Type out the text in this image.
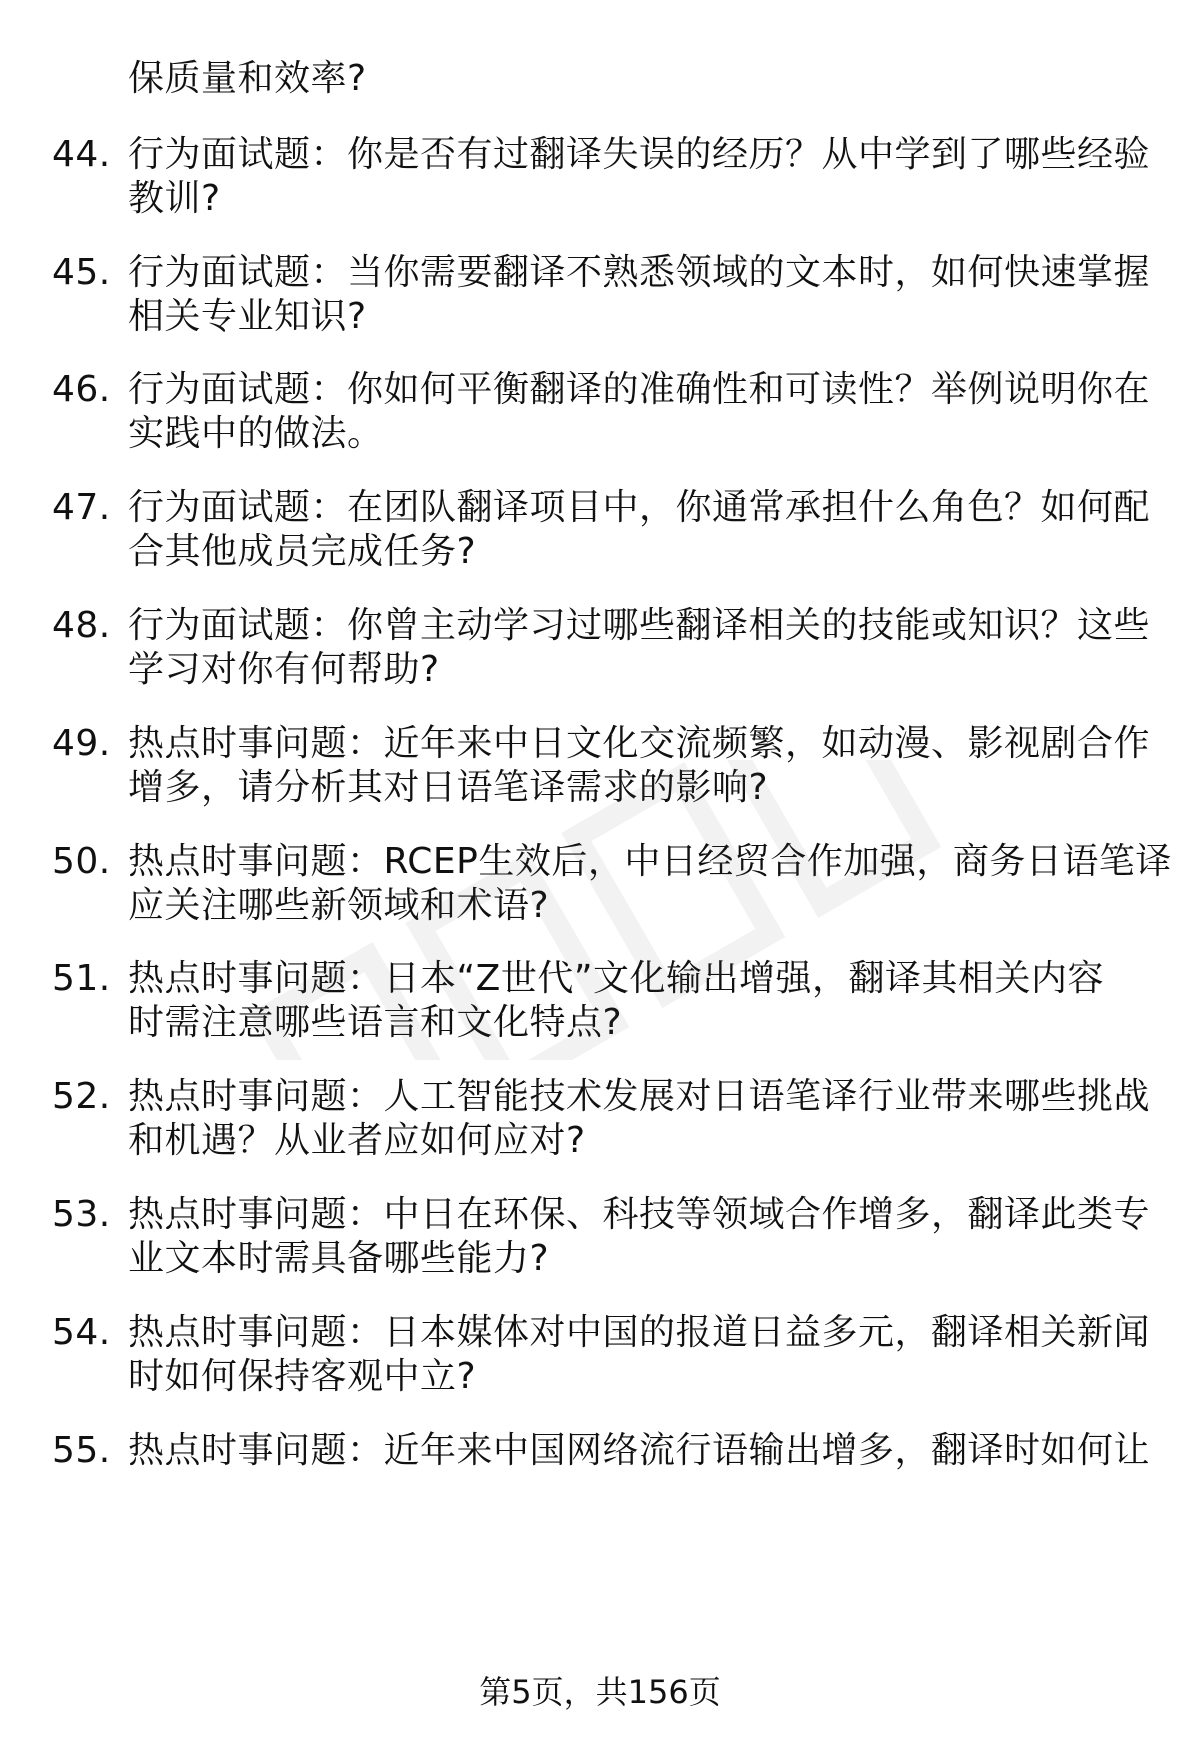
保质量和效率?
44. 行为面试题：你是否有过翻译失误的经历？从中学到了哪些经验
教训?
45. 行为面试题：当你需要翻译不熟悉领域的文本时，如何快速掌握
相关专业知识?
46. 行为面试题：你如何平衡翻译的准确性和可读性？举例说明你在
实践中的做法。
47. 行为面试题：在团队翻译项目中，你通常承担什么角色？如何配
合其他成员完成任务?
48. 行为面试题：你曾主动学习过哪些翻译相关的技能或知识？这些
学习对你有何帮助?
49. 热点时事问题：近年来中日文化交流频繁，如动漫、影视剧合作
增多，请分析其对日语笔译需求的影响?
50. 热点时事问题：RCEP生效后，中日经贸合作加强，商务日语笔译
应关注哪些新领域和术语?
51. 热点时事问题：日本“Z世代”文化输出增强，翻译其相关内容
时需注意哪些语言和文化特点?
52. 热点时事问题：人工智能技术发展对日语笔译行业带来哪些挑战
和机遇？从业者应如何应对?
53. 热点时事问题：中日在环保、科技等领域合作增多，翻译此类专
业文本时需具备哪些能力?
54. 热点时事问题：日本媒体对中国的报道日益多元，翻译相关新闻
时如何保持客观中立?
55. 热点时事问题：近年来中国网络流行语输出增多，翻译时如何让
第5页，共156页
